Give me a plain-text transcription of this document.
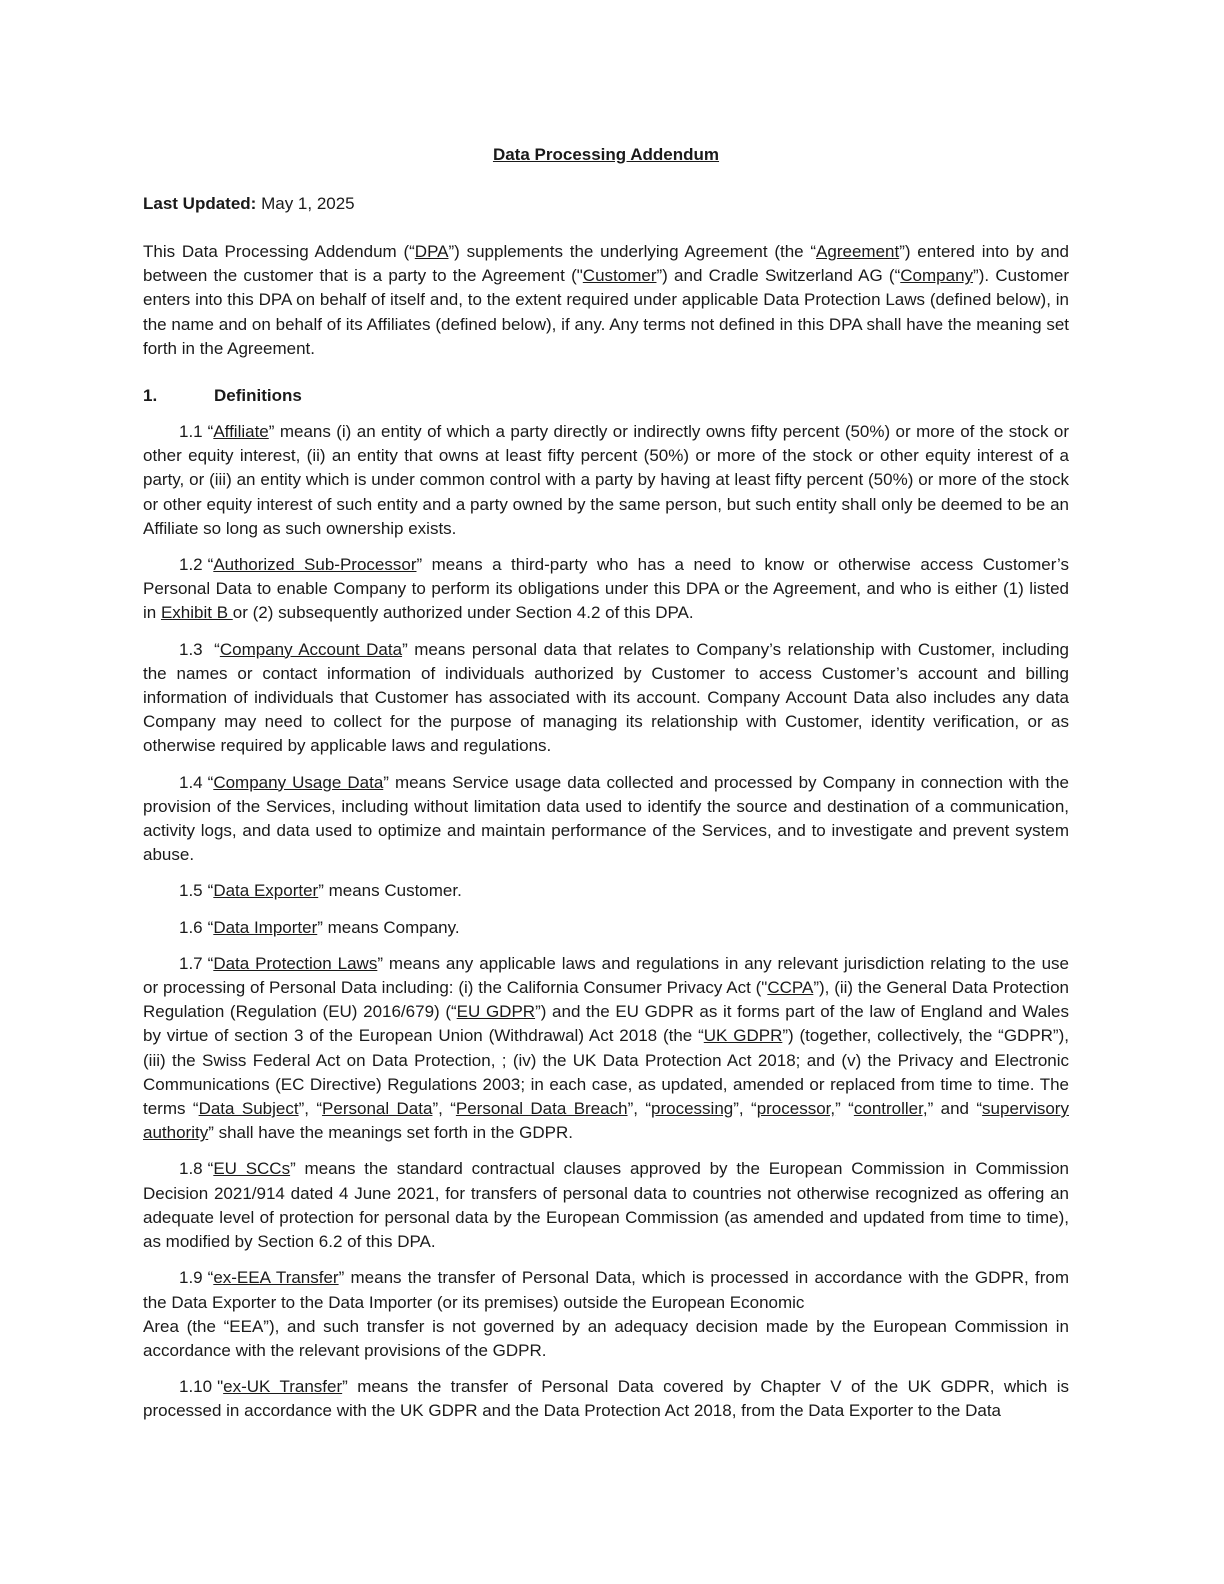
Data Processing Addendum
Last Updated: May 1, 2025
This Data Processing Addendum (“DPA”) supplements the underlying Agreement (the “Agreement”) entered into by and between the customer that is a party to the Agreement ("Customer”) and Cradle Switzerland AG (“Company”). Customer enters into this DPA on behalf of itself and, to the extent required under applicable Data Protection Laws (defined below), in the name and on behalf of its Affiliates (defined below), if any. Any terms not defined in this DPA shall have the meaning set forth in the Agreement.
1.	Definitions

1.1 “Affiliate” means (i) an entity of which a party directly or indirectly owns fifty percent (50%) or more of the stock or other equity interest, (ii) an entity that owns at least fifty percent (50%) or more of the stock or other equity interest of a party, or (iii) an entity which is under common control with a party by having at least fifty percent (50%) or more of the stock or other equity interest of such entity and a party owned by the same person, but such entity shall only be deemed to be an Affiliate so long as such ownership exists.

1.2 “Authorized Sub-Processor” means a third-party who has a need to know or otherwise access Customer’s Personal Data to enable Company to perform its obligations under this DPA or the Agreement, and who is either (1) listed in Exhibit B or (2) subsequently authorized under Section 4.2 of this DPA.

1.3 “Company Account Data” means personal data that relates to Company’s relationship with Customer, including the names or contact information of individuals authorized by Customer to access Customer’s account and billing information of individuals that Customer has associated with its account. Company Account Data also includes any data Company may need to collect for the purpose of managing its relationship with Customer, identity verification, or as otherwise required by applicable laws and regulations.

1.4 “Company Usage Data” means Service usage data collected and processed by Company in connection with the provision of the Services, including without limitation data used to identify the source and destination of a communication, activity logs, and data used to optimize and maintain performance of the Services, and to investigate and prevent system abuse.

1.5 “Data Exporter” means Customer.

1.6 “Data Importer” means Company.

1.7 “Data Protection Laws” means any applicable laws and regulations in any relevant jurisdiction relating to the use or processing of Personal Data including: (i) the California Consumer Privacy Act ("CCPA”), (ii) the General Data Protection Regulation (Regulation (EU) 2016/679) (“EU GDPR”) and the EU GDPR as it forms part of the law of England and Wales by virtue of section 3 of the European Union (Withdrawal) Act 2018 (the “UK GDPR”) (together, collectively, the “GDPR”), (iii) the Swiss Federal Act on Data Protection, ; (iv) the UK Data Protection Act 2018; and (v) the Privacy and Electronic Communications (EC Directive) Regulations 2003; in each case, as updated, amended or replaced from time to time. The terms “Data Subject”, “Personal Data”, “Personal Data Breach”, “processing”, “processor,” “controller,” and “supervisory authority” shall have the meanings set forth in the GDPR.

1.8 “EU SCCs” means the standard contractual clauses approved by the European Commission in Commission Decision 2021/914 dated 4 June 2021, for transfers of personal data to countries not otherwise recognized as offering an adequate level of protection for personal data by the European Commission (as amended and updated from time to time), as modified by Section 6.2 of this DPA.

1.9 “ex-EEA Transfer” means the transfer of Personal Data, which is processed in accordance with the GDPR, from the Data Exporter to the Data Importer (or its premises) outside the European Economic
Area (the “EEA”), and such transfer is not governed by an adequacy decision made by the European Commission in accordance with the relevant provisions of the GDPR.

1.10 "ex-UK Transfer” means the transfer of Personal Data covered by Chapter V of the UK GDPR, which is processed in accordance with the UK GDPR and the Data Protection Act 2018, from the Data Exporter to the Data
